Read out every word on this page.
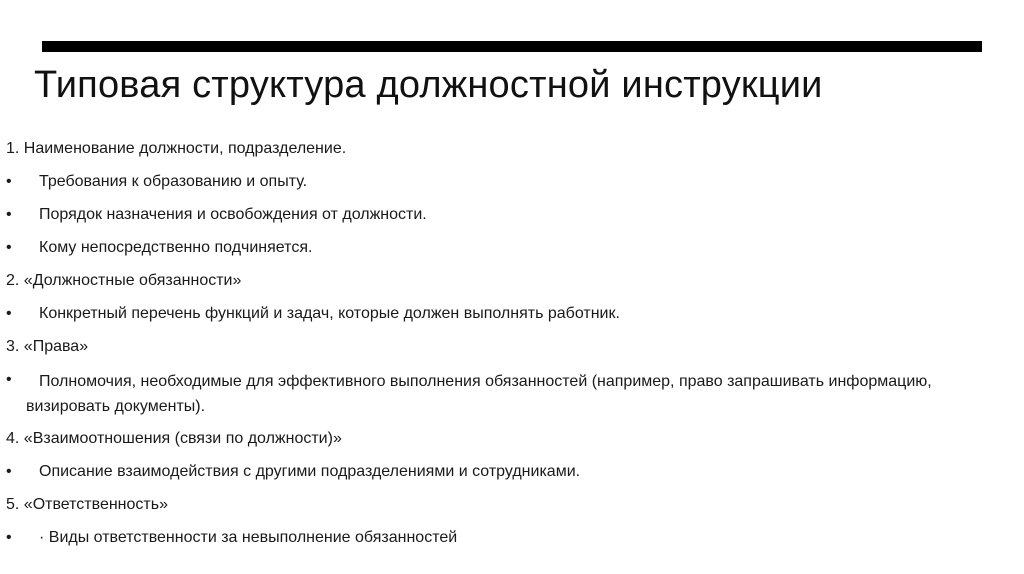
Типовая структура должностной инструкции
1. Наименование должности, подразделение.
• Требования к образованию и опыту.
• Порядок назначения и освобождения от должности.
• Кому непосредственно подчиняется.
2. «Должностные обязанности»
• Конкретный перечень функций и задач, которые должен выполнять работник.
3. «Права»
•	Полномочия, необходимые для эффективного выполнения обязанностей (например, право запрашивать информацию, визировать документы).
4. «Взаимоотношения (связи по должности)»
• Описание взаимодействия с другими подразделениями и сотрудниками.
5. «Ответственность»
• · Виды ответственности за невыполнение обязанностей
